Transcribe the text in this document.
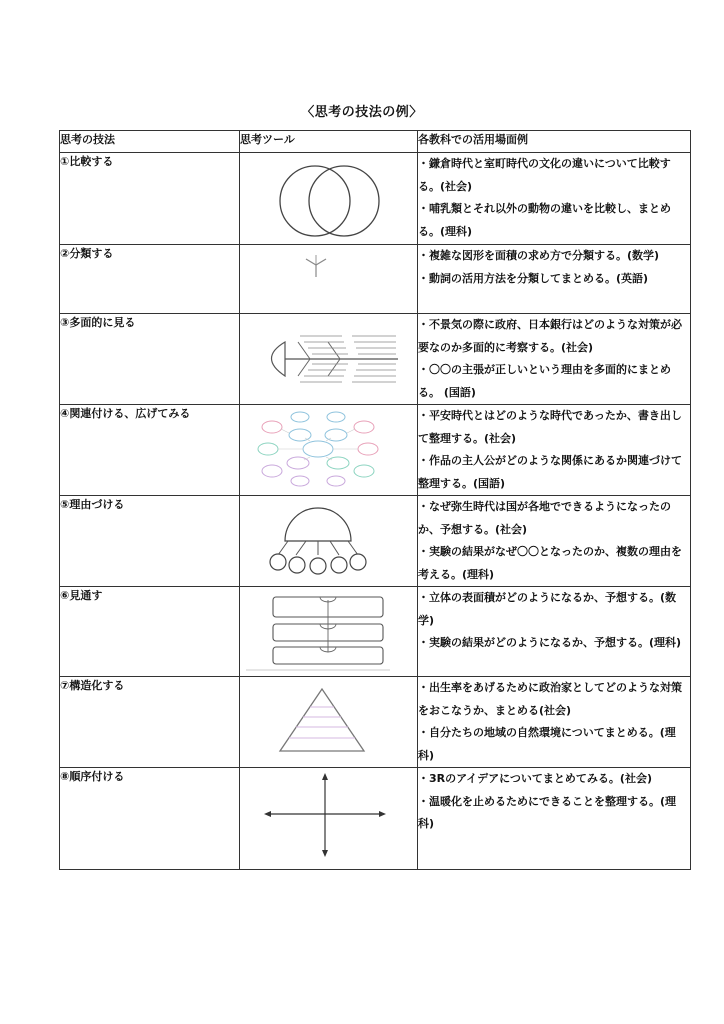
〈思考の技法の例〉
思考の技法	思考ツール	各教科での活用場面例
①比較する		・鎌倉時代と室町時代の文化の違いについて比較する。(社会)
・哺乳類とそれ以外の動物の違いを比較し、まとめる。(理科)

②分類する		・複雑な図形を面積の求め方で分類する。(数学)
・動詞の活用方法を分類してまとめる。(英語)

③多面的に見る		・不景気の際に政府、日本銀行はどのような対策が必要なのか多面的に考察する。(社会)
・〇〇の主張が正しいという理由を多面的にまとめる。 (国語)

④関連付ける、広げてみる		・平安時代とはどのような時代であったか、書き出して整理する。(社会)
・作品の主人公がどのような関係にあるか関連づけて整理する。(国語)

⑤理由づける		・なぜ弥生時代は国が各地でできるようになったのか、予想する。(社会)
・実験の結果がなぜ〇〇となったのか、複数の理由を考える。(理科)

⑥見通す		・立体の表面積がどのようになるか、予想する。(数学)
・実験の結果がどのようになるか、予想する。(理科)

⑦構造化する		・出生率をあげるために政治家としてどのような対策をおこなうか、まとめる(社会)
・自分たちの地域の自然環境についてまとめる。(理科)

⑧順序付ける		・3Rのアイデアについてまとめてみる。(社会)
・温暖化を止めるためにできることを整理する。(理科)
